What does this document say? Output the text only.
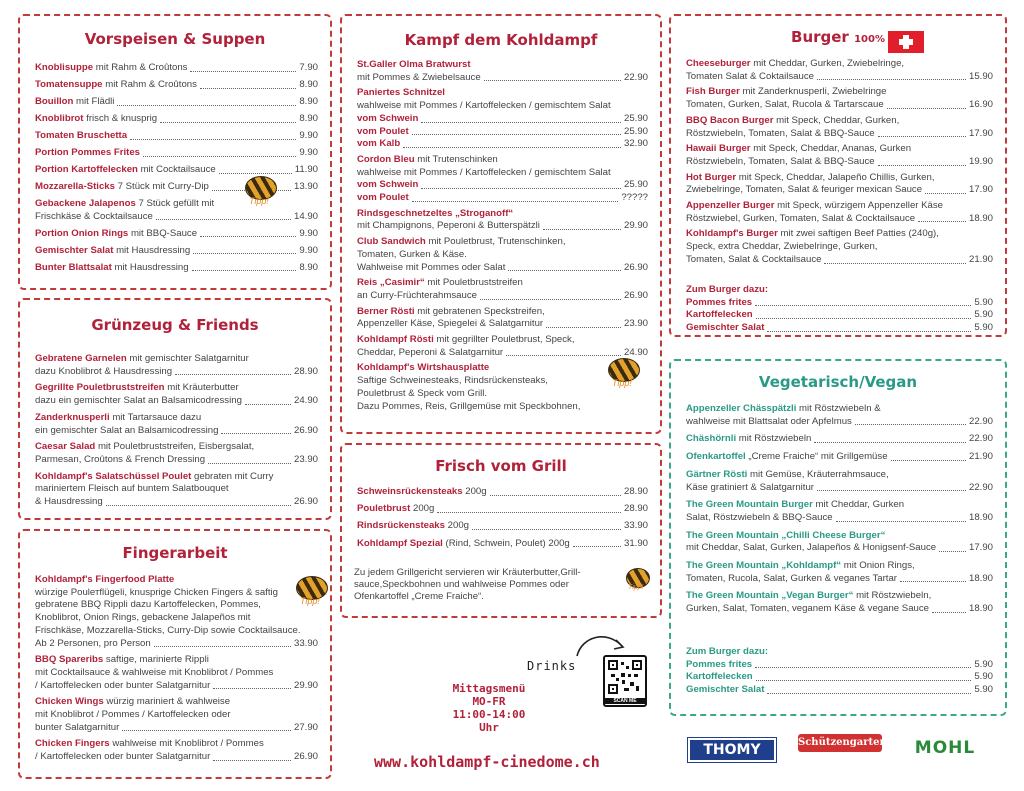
Vorspeisen & Suppen
Knoblisuppe mit Rahm & Croûtons	7.90
Tomatensuppe mit Rahm & Croûtons	8.90
Bouillon mit Flädli	8.90
Knoblibrot frisch & knusprig	8.90
Tomaten Bruschetta	9.90
Portion Pommes Frites	9.90
Portion Kartoffelecken mit Cocktailsauce	11.90
Mozzarella-Sticks 7 Stück mit Curry-Dip	13.90
Gebackene Jalapenos 7 Stück gefüllt mit
Frischkäse & Cocktailsauce	14.90
Portion Onion Rings mit BBQ-Sauce	9.90
Gemischter Salat mit Hausdressing	9.90
Bunter Blattsalat mit Hausdressing	8.90
Grünzeug & Friends
Gebratene Garnelen mit gemischter Salatgarnitur
dazu Knoblibrot & Hausdressing	28.90
Gegrillte Pouletbruststreifen mit Kräuterbutter
dazu ein gemischter Salat an Balsamicodressing	24.90
Zanderknusperli mit Tartarsauce dazu
ein gemischter Salat an Balsamicodressing	26.90
Caesar Salad mit Pouletbruststreifen, Eisbergsalat,
Parmesan, Croûtons & French Dressing	23.90
Kohldampf's Salatschüssel Poulet gebraten mit Curry
mariniertem Fleisch auf buntem Salatbouquet
& Hausdressing	26.90
Fingerarbeit
Kohldampf's Fingerfood Platte
würzige Poulетflügeli, knusprige Chicken Fingers & saftig
gebratene BBQ Rippli dazu Kartoffelecken, Pommes,
Knoblibrot, Onion Rings, gebackene Jalapeños mit
Frischkäse, Mozzarella-Sticks, Curry-Dip sowie Cocktailsauce.
Ab 2 Personen, pro Person	33.90
BBQ Spareribs saftige, marinierte Rippli
mit Cocktailsauce & wahlweise mit Knoblibrot / Pommes
/ Kartoffelecken oder bunter Salatgarnitur	29.90
Chicken Wings würzig mariniert & wahlweise
mit Knoblibrot / Pommes / Kartoffelecken oder
bunter Salatgarnitur	27.90
Chicken Fingers wahlweise mit Knoblibrot / Pommes
/ Kartoffelecken oder bunter Salatgarnitur	26.90
Kampf dem Kohldampf
St.Galler Olma Bratwurst
mit Pommes & Zwiebelsauce	22.90
Paniertes Schnitzel
wahlweise mit Pommes / Kartoffelecken / gemischtem Salat
vom Schwein	25.90
vom Poulet	25.90
vom Kalb	32.90
Cordon Bleu mit Trutenschinken
wahlweise mit Pommes / Kartoffelecken / gemischtem Salat
vom Schwein	25.90
vom Poulet	?????
Rindsgeschnetzeltes „Stroganoff“
mit Champignons, Peperoni & Butterspätzli	29.90
Club Sandwich mit Pouletbrust, Trutenschinken,
Tomaten, Gurken & Käse.
Wahlweise mit Pommes oder Salat	26.90
Reis „Casimir“ mit Pouletbruststreifen
an Curry-Früchterahmsauce	26.90
Berner Rösti mit gebratenen Speckstreifen,
Appenzeller Käse, Spiegelei & Salatgarnitur	23.90
Kohldampf Rösti mit gegrillter Pouletbrust, Speck,
Cheddar, Peperoni & Salatgarnitur	24.90
Kohldampf's Wirtshausplatte
Saftige Schweinesteaks, Rindsrückensteaks,
Pouletbrust & Speck vom Grill.
Dazu Pommes, Reis, Grillgemüse mit Speckbohnen,
Frisch vom Grill
Schweinsrückensteaks 200g	28.90
Pouletbrust 200g	28.90
Rindsrückensteaks 200g	33.90
Kohldampf Spezial (Rind, Schwein, Poulet) 200g	31.90
Zu jedem Grillgericht servieren wir Kräuterbutter,Grill-sauce,Speckbohnen und wahlweise Pommes oder Ofenkartoffel „Creme Fraiche“.
Drinks
SCAN ME
Mittagsmenü
MO-FR
11:00-14:00
Uhr
www.kohldampf-cinedome.ch
Burger 100%
Cheeseburger mit Cheddar, Gurken, Zwiebelringe,
Tomaten Salat & Coktailsauce	15.90
Fish Burger mit Zanderknusperli, Zwiebelringe
Tomaten, Gurken, Salat, Rucola & Tartarscaue	16.90
BBQ Bacon Burger mit Speck, Cheddar, Gurken,
Röstzwiebeln, Tomaten, Salat & BBQ-Sauce	17.90
Hawaii Burger mit Speck, Cheddar, Ananas, Gurken
Röstzwiebeln, Tomaten, Salat & BBQ-Sauce	19.90
Hot Burger mit Speck, Cheddar, Jalapeño Chillis, Gurken,
Zwiebelringe, Tomaten, Salat & feuriger mexican Sauce	17.90
Appenzeller Burger mit Speck, würzigem Appenzeller Käse
Röstzwiebel, Gurken, Tomaten, Salat & Cocktailsauce	18.90
Kohldampf's Burger mit zwei saftigen Beef Patties (240g),
Speck, extra Cheddar, Zwiebelringe, Gurken,
Tomaten, Salat & Cocktailsauce	21.90
Zum Burger dazu:
Pommes frites	5.90
Kartoffelecken	5.90
Gemischter Salat	5.90
Vegetarisch/Vegan
Appenzeller Chässpätzli mit Röstzwiebeln &
wahlweise mit Blattsalat oder Apfelmus	22.90
Chäshörnli mit Röstzwiebeln	22.90
Ofenkartoffel „Creme Fraiche“ mit Grillgemüse	21.90
Gärtner Rösti mit Gemüse, Kräuterrahmsauce,
Käse gratiniert & Salatgarnitur	22.90
The Green Mountain Burger mit Cheddar, Gurken
Salat, Röstzwiebeln & BBQ-Sauce	18.90
The Green Mountain „Chilli Cheese Burger“
mit Cheddar, Salat, Gurken, Jalapeños & Honigsenf-Sauce	17.90
The Green Mountain „Kohldampf“ mit Onion Rings,
Tomaten, Rucola, Salat, Gurken & veganes Tartar	18.90
The Green Mountain „Vegan Burger“ mit Röstzwiebeln,
Gurken, Salat, Tomaten, veganem Käse & vegane Sauce	18.90
Zum Burger dazu:
Pommes frites	5.90
Kartoffelecken	5.90
Gemischter Salat	5.90
THOMY	Schützengarten	MOHL
Tipp!
Tipp!
Tipp!
Tipp!
